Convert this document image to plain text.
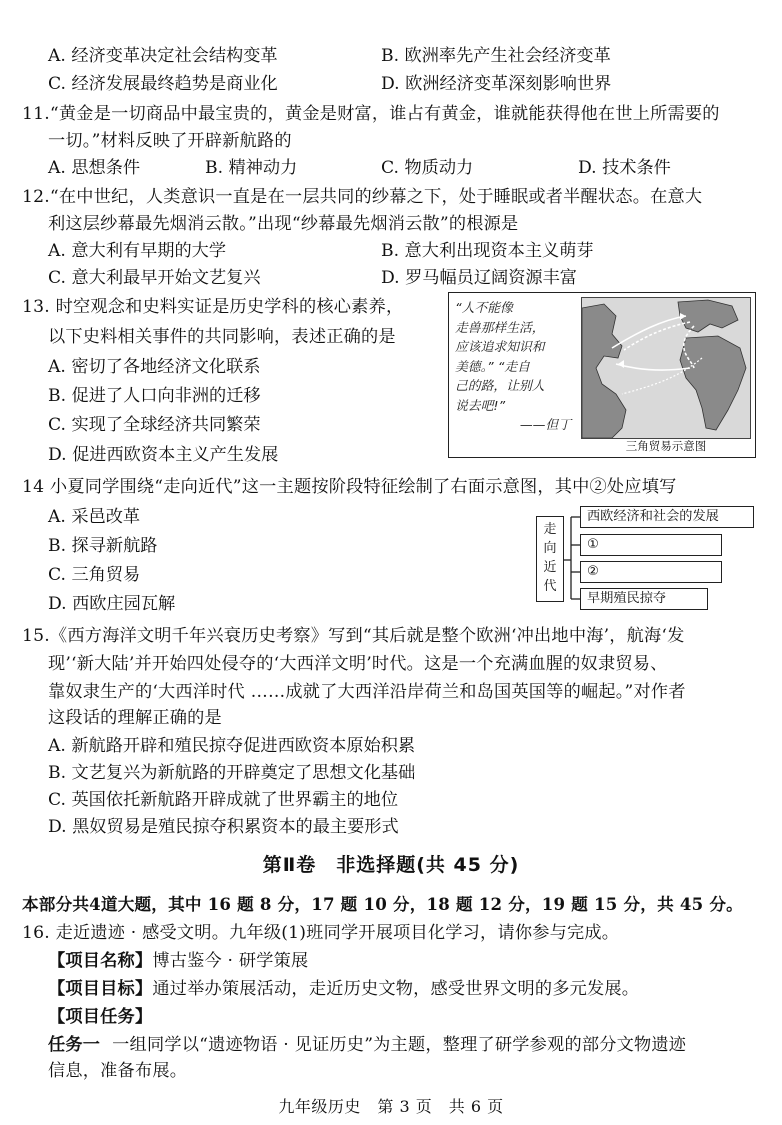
A. 经济变革决定社会结构变革	B. 欧洲率先产生社会经济变革
C. 经济发展最终趋势是商业化	D. 欧洲经济变革深刻影响世界
11.“黄金是一切商品中最宝贵的，黄金是财富，谁占有黄金，谁就能获得他在世上所需要的
一切。”材料反映了开辟新航路的
A. 思想条件	B. 精神动力	C. 物质动力	D. 技术条件
12.“在中世纪，人类意识一直是在一层共同的纱幕之下，处于睡眠或者半醒状态。在意大
利这层纱幕最先烟消云散。”出现“纱幕最先烟消云散”的根源是
A. 意大利有早期的大学	B. 意大利出现资本主义萌芽
C. 意大利最早开始文艺复兴	D. 罗马幅员辽阔资源丰富
13. 时空观念和史料实证是历史学科的核心素养，
以下史料相关事件的共同影响，表述正确的是
A. 密切了各地经济文化联系
B. 促进了人口向非洲的迁移
C. 实现了全球经济共同繁荣
D. 促进西欧资本主义产生发展
“人不能像
走兽那样生活，
应该追求知识和
美德。” “走自
己的路，让别人
说去吧!”
——但丁
三角贸易示意图
14 小夏同学围绕“走向近代”这一主题按阶段特征绘制了右面示意图，其中②处应填写
A. 采邑改革
B. 探寻新航路
C. 三角贸易
D. 西欧庄园瓦解
走
向
近
代
西欧经济和社会的发展
①
②
早期殖民掠夺
15.《西方海洋文明千年兴衰历史考察》写到“其后就是整个欧洲‘冲出地中海’，航海‘发
现’‘新大陆’并开始四处侵夺的‘大西洋文明’时代。这是一个充满血腥的奴隶贸易、
靠奴隶生产的‘大西洋时代 ……成就了大西洋沿岸荷兰和岛国英国等的崛起。”对作者
这段话的理解正确的是
A. 新航路开辟和殖民掠夺促进西欧资本原始积累
B. 文艺复兴为新航路的开辟奠定了思想文化基础
C. 英国依托新航路开辟成就了世界霸主的地位
D. 黑奴贸易是殖民掠夺积累资本的最主要形式
第Ⅱ卷　非选择题(共 45 分)
本部分共4道大题，其中 16 题 8 分，17 题 10 分，18 题 12 分，19 题 15 分，共 45 分。
16. 走近遗迹 · 感受文明。九年级(1)班同学开展项目化学习，请你参与完成。
【项目名称】博古鉴今 · 研学策展
【项目目标】通过举办策展活动，走近历史文物，感受世界文明的多元发展。
【项目任务】
任务一 一组同学以“遗迹物语 · 见证历史”为主题，整理了研学参观的部分文物遗迹
信息，准备布展。
九年级历史　第 3 页　共 6 页
